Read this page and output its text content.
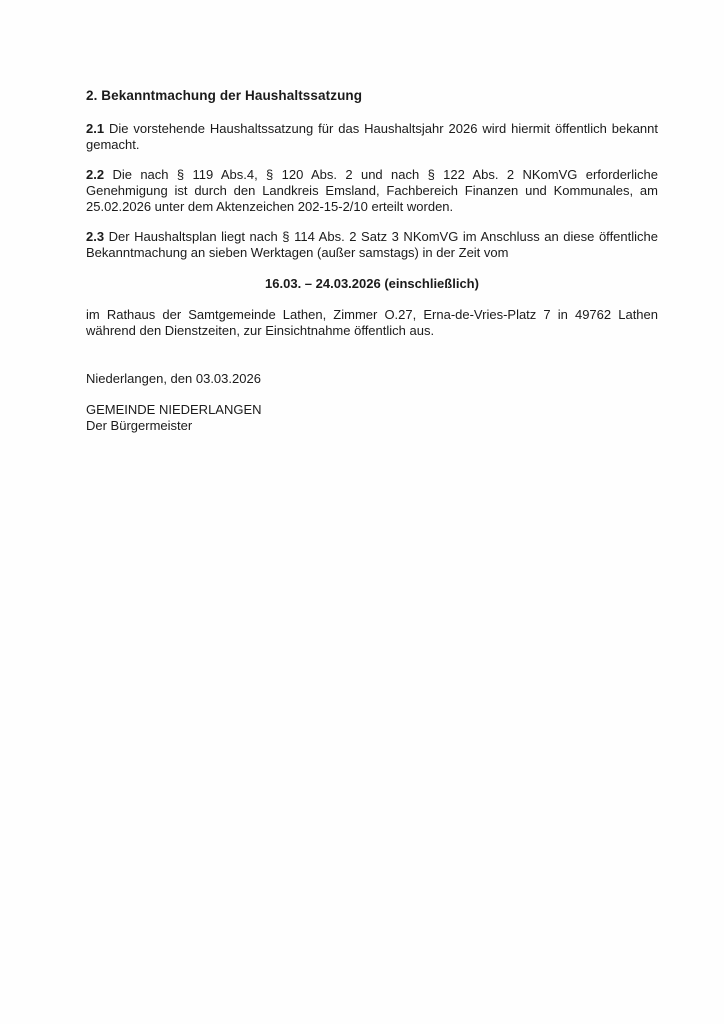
2. Bekanntmachung der Haushaltssatzung

2.1 Die vorstehende Haushaltssatzung für das Haushaltsjahr 2026 wird hiermit öffentlich bekannt gemacht.

2.2 Die nach § 119 Abs.4, § 120 Abs. 2 und nach § 122 Abs. 2 NKomVG erforderliche Genehmigung ist durch den Landkreis Emsland, Fachbereich Finanzen und Kommunales, am 25.02.2026 unter dem Aktenzeichen 202-15-2/10 erteilt worden.

2.3 Der Haushaltsplan liegt nach § 114 Abs. 2 Satz 3 NKomVG im Anschluss an diese öffentliche Bekanntmachung an sieben Werktagen (außer samstags) in der Zeit vom

16.03. – 24.03.2026 (einschließlich)

im Rathaus der Samtgemeinde Lathen, Zimmer O.27, Erna-de-Vries-Platz 7 in 49762 Lathen während den Dienstzeiten, zur Einsichtnahme öffentlich aus.

Niederlangen, den 03.03.2026
GEMEINDE NIEDERLANGEN
Der Bürgermeister
